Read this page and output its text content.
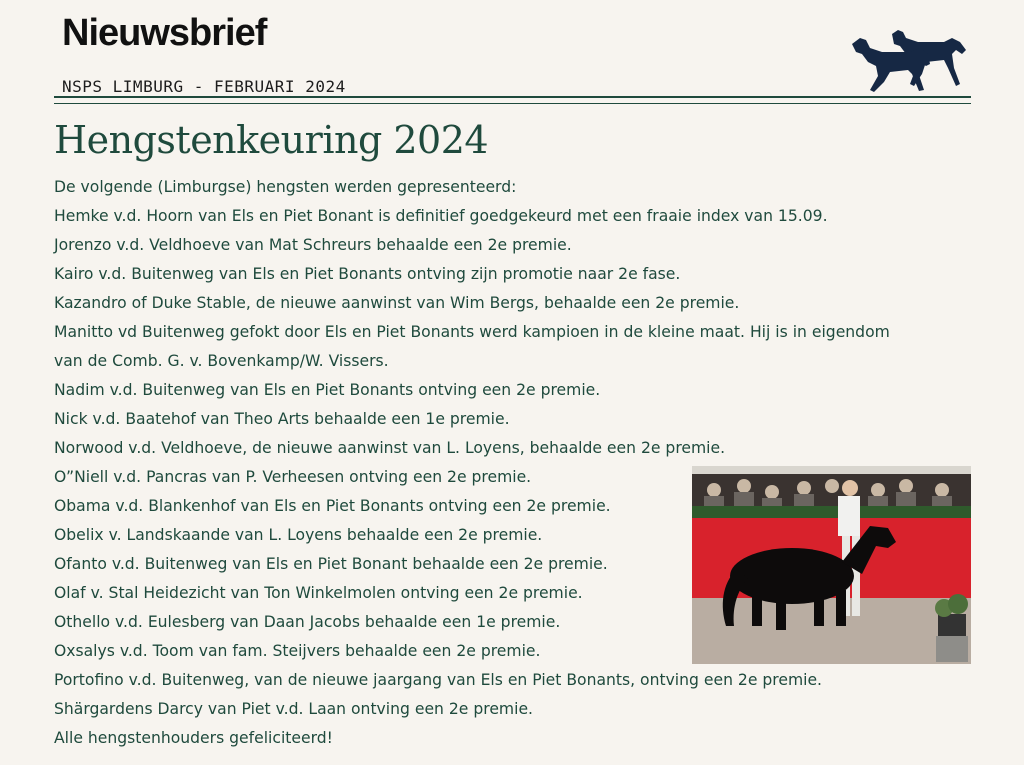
Nieuwsbrief
NSPS LIMBURG - FEBRUARI 2024
Hengstenkeuring 2024
De volgende (Limburgse) hengsten werden gepresenteerd:
Hemke v.d. Hoorn van Els en Piet Bonant is definitief goedgekeurd met een fraaie index van 15.09.
Jorenzo v.d. Veldhoeve van Mat Schreurs behaalde een 2e premie.
Kairo v.d. Buitenweg van Els en Piet Bonants ontving zijn promotie naar 2e fase.
Kazandro of Duke Stable, de nieuwe aanwinst van Wim Bergs, behaalde een 2e premie.
Manitto vd Buitenweg gefokt door Els en Piet Bonants werd kampioen in de kleine maat. Hij is in eigendom
van de Comb. G. v. Bovenkamp/W. Vissers.
Nadim v.d. Buitenweg van Els en Piet Bonants ontving een 2e premie.
Nick v.d. Baatehof van Theo Arts behaalde een 1e premie.
Norwood v.d. Veldhoeve, de nieuwe aanwinst van L. Loyens, behaalde een 2e premie.
O”Niell v.d. Pancras van P. Verheesen ontving een 2e premie.
Obama v.d. Blankenhof van Els en Piet Bonants ontving een 2e premie.
Obelix v. Landskaande van L. Loyens behaalde een 2e premie.
Ofanto v.d. Buitenweg van Els en Piet Bonant behaalde een 2e premie.
Olaf v. Stal Heidezicht van Ton Winkelmolen ontving een 2e premie.
Othello v.d. Eulesberg van Daan Jacobs behaalde een 1e premie.
Oxsalys v.d. Toom van fam. Steijvers behaalde een 2e premie.
Portofino v.d. Buitenweg, van de nieuwe jaargang van Els en Piet Bonants, ontving een 2e premie.
Shärgardens Darcy van Piet v.d. Laan ontving een 2e premie.
Alle hengstenhouders gefeliciteerd!
